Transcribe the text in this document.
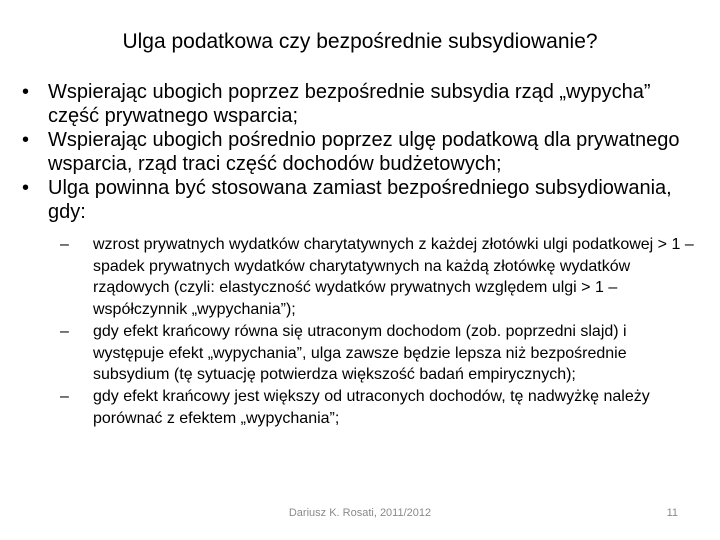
Ulga podatkowa czy bezpośrednie subsydiowanie?
• Wspierając ubogich poprzez bezpośrednie subsydia rząd „wypycha” część prywatnego wsparcia;
• Wspierając ubogich pośrednio poprzez ulgę podatkową dla prywatnego wsparcia, rząd traci część dochodów budżetowych;
• Ulga powinna być stosowana zamiast bezpośredniego subsydiowania, gdy:
–	wzrost prywatnych wydatków charytatywnych z każdej złotówki ulgi podatkowej > 1 – spadek prywatnych wydatków charytatywnych na każdą złotówkę wydatków rządowych (czyli: elastyczność wydatków prywatnych względem ulgi > 1 – współczynnik „wypychania”);
–	gdy efekt krańcowy równa się utraconym dochodom (zob. poprzedni slajd) i występuje efekt „wypychania”, ulga zawsze będzie lepsza niż bezpośrednie subsydium (tę sytuację potwierdza większość badań empirycznych);
–	gdy efekt krańcowy jest większy od utraconych dochodów, tę nadwyżkę należy porównać z efektem „wypychania”;
Dariusz K. Rosati, 2011/2012	11
